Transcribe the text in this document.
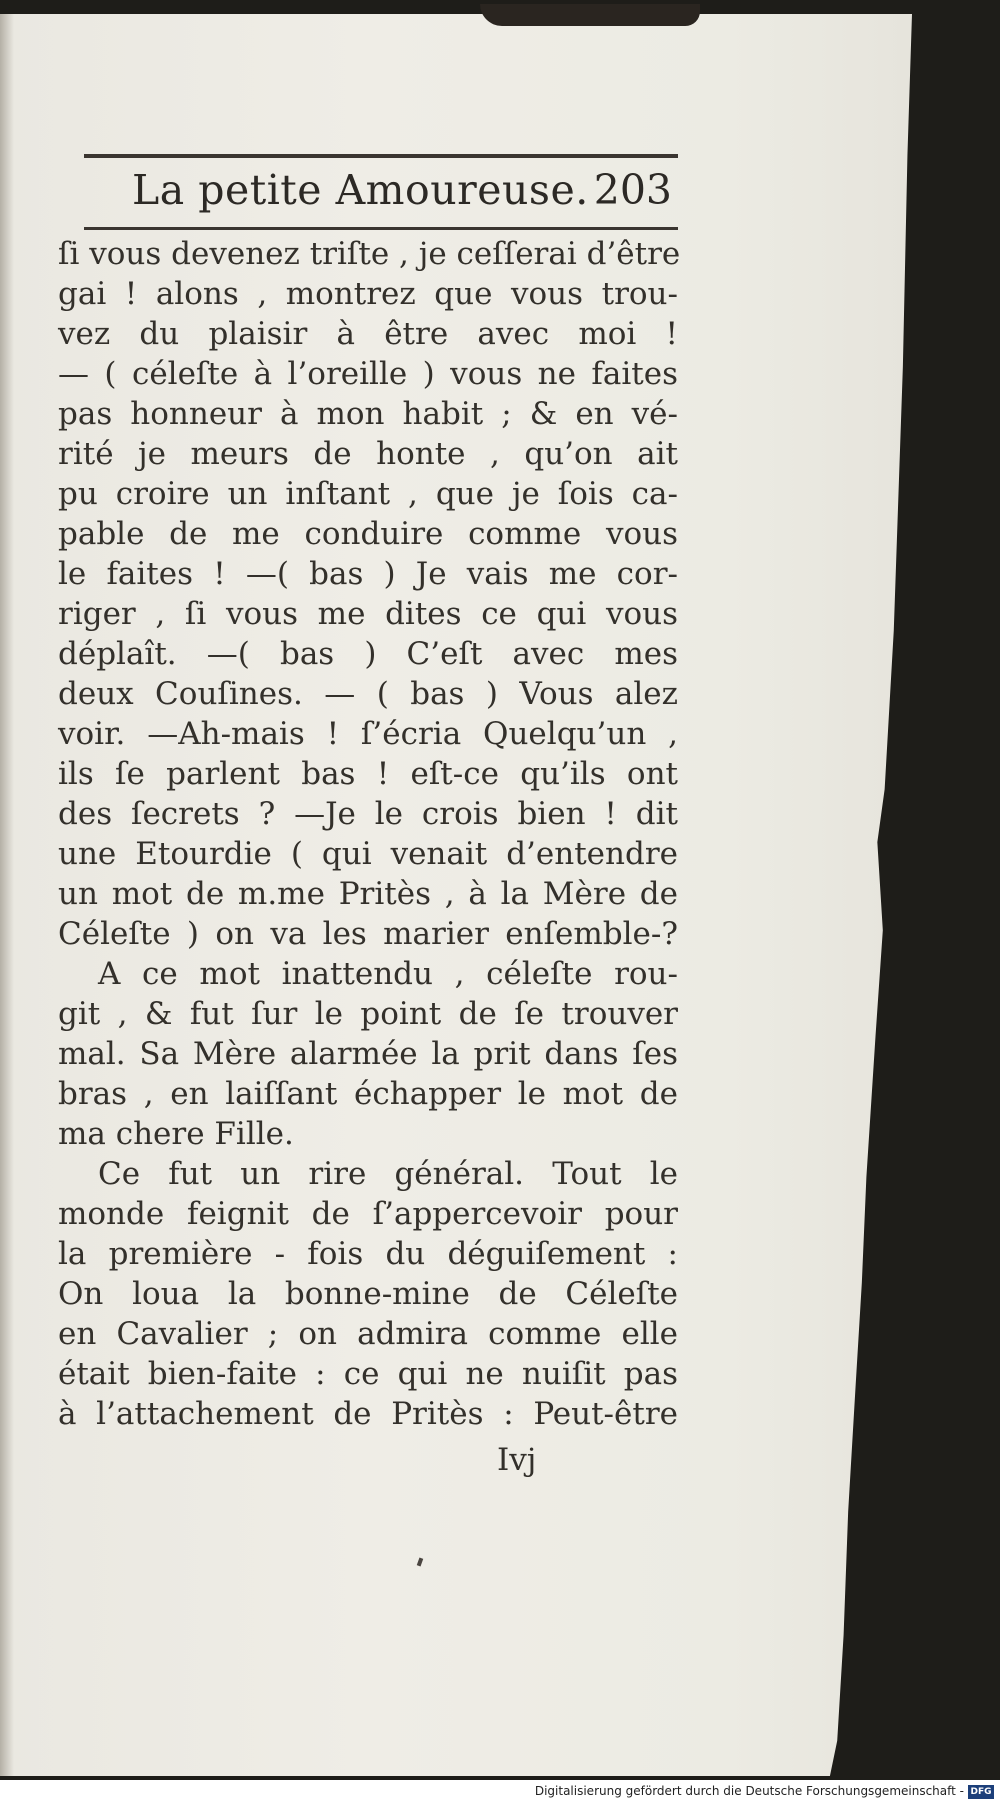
La petite Amoureuse. 203
ſi vous devenez triſte , je ceſſerai d’être
gai ! alons , montrez que vous trou-
vez du plaisir à être avec moi !
— ( céleſte à l’oreille ) vous ne faites
pas honneur à mon habit ; & en vé-
rité je meurs de honte , qu’on ait
pu croire un inſtant , que je ſois ca-
pable de me conduire comme vous
le faites ! —( bas ) Je vais me cor-
riger , ſi vous me dites ce qui vous
déplaît. —( bas ) C’eſt avec mes
deux Couſines. — ( bas ) Vous alez
voir. —Ah-mais ! ſ’écria Quelqu’un ,
ils ſe parlent bas ! eſt-ce qu’ils ont
des ſecrets ? —Je le crois bien ! dit
une Etourdie ( qui venait d’entendre
un mot de m.me Pritès , à la Mère de
Céleſte ) on va les marier enſemble-?
A ce mot inattendu , céleſte rou-
git , & fut ſur le point de ſe trouver
mal. Sa Mère alarmée la prit dans ſes
bras , en laiſſant échapper le mot de
ma chere Fille.
Ce fut un rire général. Tout le
monde feignit de ſ’appercevoir pour
la première - fois du déguiſement :
On loua la bonne-mine de Céleſte
en Cavalier ; on admira comme elle
était bien-faite : ce qui ne nuiſit pas
à l’attachement de Pritès : Peut-être
Ivj
Digitalisierung gefördert durch die Deutsche Forschungsgemeinschaft - DFG
